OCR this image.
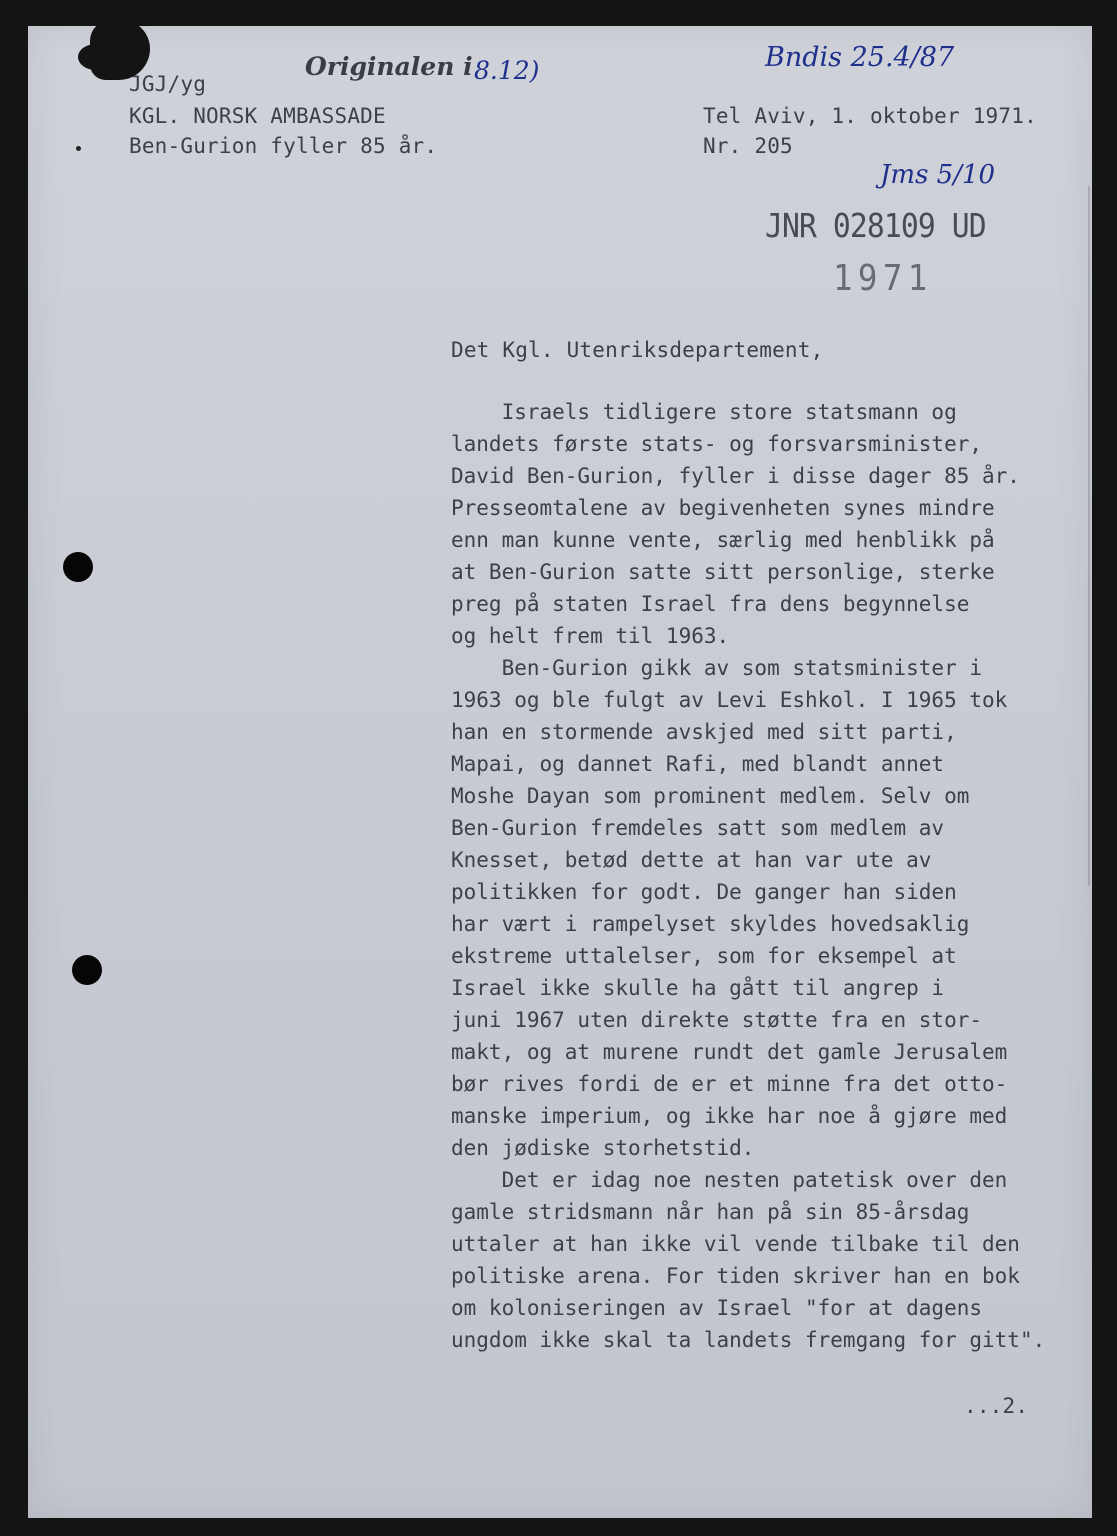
JGJ/yg

KGL. NORSK AMBASSADE

Ben-Gurion fyller 85 år.

Tel Aviv, 1. oktober 1971.

Nr. 205

Originalen i 8.12)	Bndis 25.4/87

Jms 5/10

JNR 028109 UD

1971

Det Kgl. Utenriksdepartement,

Israels tidligere store statsmann og

landets første stats- og forsvarsminister,

David Ben-Gurion, fyller i disse dager 85 år.

Presseomtalene av begivenheten synes mindre

enn man kunne vente, særlig med henblikk på

at Ben-Gurion satte sitt personlige, sterke

preg på staten Israel fra dens begynnelse

og helt frem til 1963.

Ben-Gurion gikk av som statsminister i

1963 og ble fulgt av Levi Eshkol. I 1965 tok

han en stormende avskjed med sitt parti,

Mapai, og dannet Rafi, med blandt annet

Moshe Dayan som prominent medlem. Selv om

Ben-Gurion fremdeles satt som medlem av

Knesset, betød dette at han var ute av

politikken for godt. De ganger han siden

har vært i rampelyset skyldes hovedsaklig

ekstreme uttalelser, som for eksempel at

Israel ikke skulle ha gått til angrep i

juni 1967 uten direkte støtte fra en stor-

makt, og at murene rundt det gamle Jerusalem

bør rives fordi de er et minne fra det otto-

manske imperium, og ikke har noe å gjøre med

den jødiske storhetstid.

Det er idag noe nesten patetisk over den

gamle stridsmann når han på sin 85-årsdag

uttaler at han ikke vil vende tilbake til den

politiske arena. For tiden skriver han en bok

om koloniseringen av Israel "for at dagens

ungdom ikke skal ta landets fremgang for gitt".

...2.
